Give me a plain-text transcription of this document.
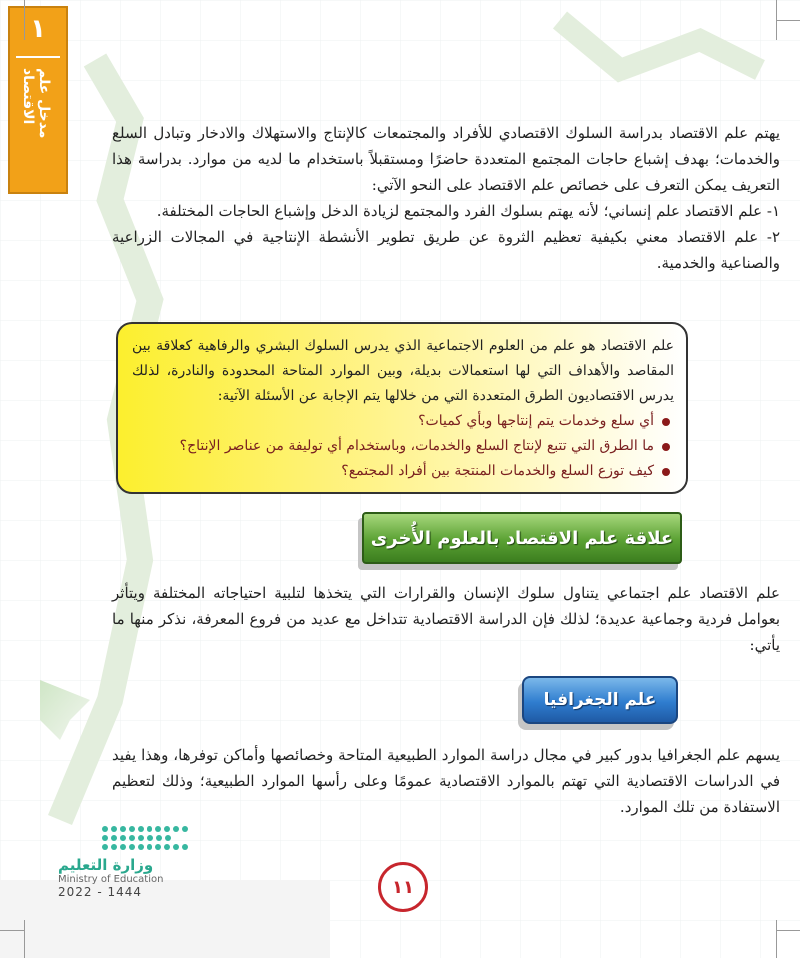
١
مدخل علم الاقتصاد

يهتم علم الاقتصاد بدراسة السلوك الاقتصادي للأفراد والمجتمعات كالإنتاج والاستهلاك والادخار وتبادل السلع والخدمات؛ بهدف إشباع حاجات المجتمع المتعددة حاضرًا ومستقبلاً باستخدام ما لديه من موارد. بدراسة هذا التعريف يمكن التعرف على خصائص علم الاقتصاد على النحو الآتي:

١- علم الاقتصاد علم إنساني؛ لأنه يهتم بسلوك الفرد والمجتمع لزيادة الدخل وإشباع الحاجات المختلفة.

٢- علم الاقتصاد معني بكيفية تعظيم الثروة عن طريق تطوير الأنشطة الإنتاجية في المجالات الزراعية والصناعية والخدمية.

علم الاقتصاد هو علم من العلوم الاجتماعية الذي يدرس السلوك البشري والرفاهية كعلاقة بين المقاصد والأهداف التي لها استعمالات بديلة، وبين الموارد المتاحة المحدودة والنادرة، لذلك يدرس الاقتصاديون الطرق المتعددة التي من خلالها يتم الإجابة عن الأسئلة الآتية:

أي سلع وخدمات يتم إنتاجها وبأي كميات؟
ما الطرق التي تتبع لإنتاج السلع والخدمات، وباستخدام أي توليفة من عناصر الإنتاج؟
كيف توزع السلع والخدمات المنتجة بين أفراد المجتمع؟
علاقة علم الاقتصاد بالعلوم الأُخرى

علم الاقتصاد علم اجتماعي يتناول سلوك الإنسان والقرارات التي يتخذها لتلبية احتياجاته المختلفة ويتأثر بعوامل فردية وجماعية عديدة؛ لذلك فإن الدراسة الاقتصادية تتداخل مع عديد من فروع المعرفة، نذكر منها ما يأتي:

علم الجغرافيا

يسهم علم الجغرافيا بدور كبير في مجال دراسة الموارد الطبيعية المتاحة وخصائصها وأماكن توفرها، وهذا يفيد في الدراسات الاقتصادية التي تهتم بالموارد الاقتصادية عمومًا وعلى رأسها الموارد الطبيعية؛ وذلك لتعظيم الاستفادة من تلك الموارد.

وزارة التعليم
Ministry of Education
2022 - 1444	١١
